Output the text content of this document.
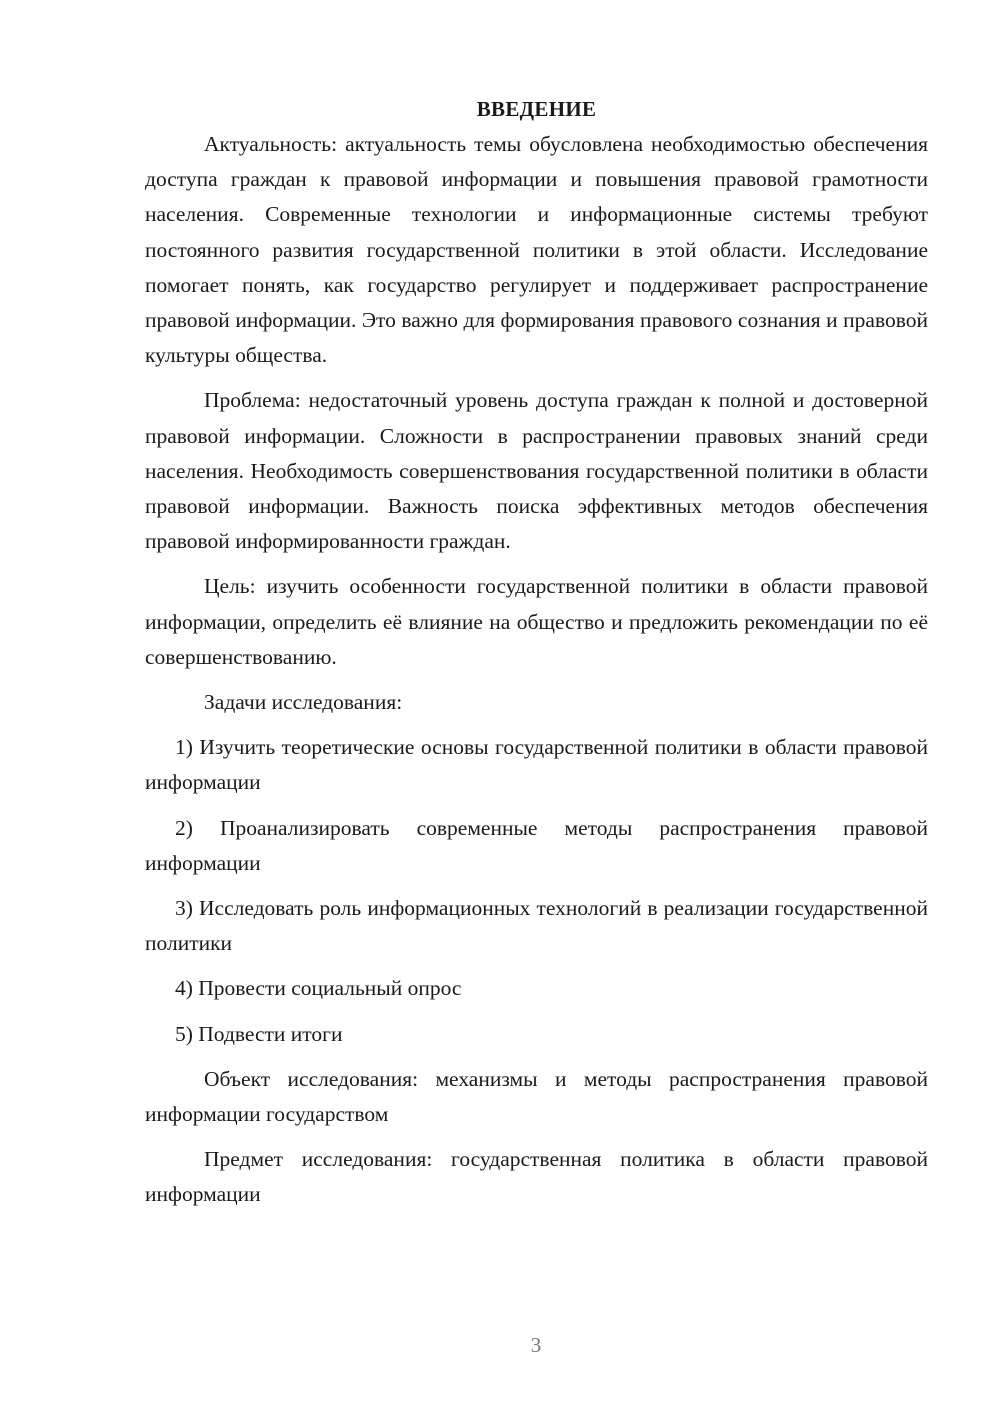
ВВЕДЕНИЕ

Актуальность: актуальность темы обусловлена необходимостью обеспечения доступа граждан к правовой информации и повышения правовой грамотности населения. Современные технологии и информационные системы требуют постоянного развития государственной политики в этой области. Исследование помогает понять, как государство регулирует и поддерживает распространение правовой информации. Это важно для формирования правового сознания и правовой культуры общества.

Проблема: недостаточный уровень доступа граждан к полной и достоверной правовой информации. Сложности в распространении правовых знаний среди населения. Необходимость совершенствования государственной политики в области правовой информации. Важность поиска эффективных методов обеспечения правовой информированности граждан.

Цель: изучить особенности государственной политики в области правовой информации, определить её влияние на общество и предложить рекомендации по её совершенствованию.

Задачи исследования:

1) Изучить теоретические основы государственной политики в области правовой информации

2) Проанализировать современные методы распространения правовой информации

3) Исследовать роль информационных технологий в реализации государственной политики

4) Провести социальный опрос

5) Подвести итоги

Объект исследования: механизмы и методы распространения правовой информации государством

Предмет исследования: государственная политика в области правовой информации

3
